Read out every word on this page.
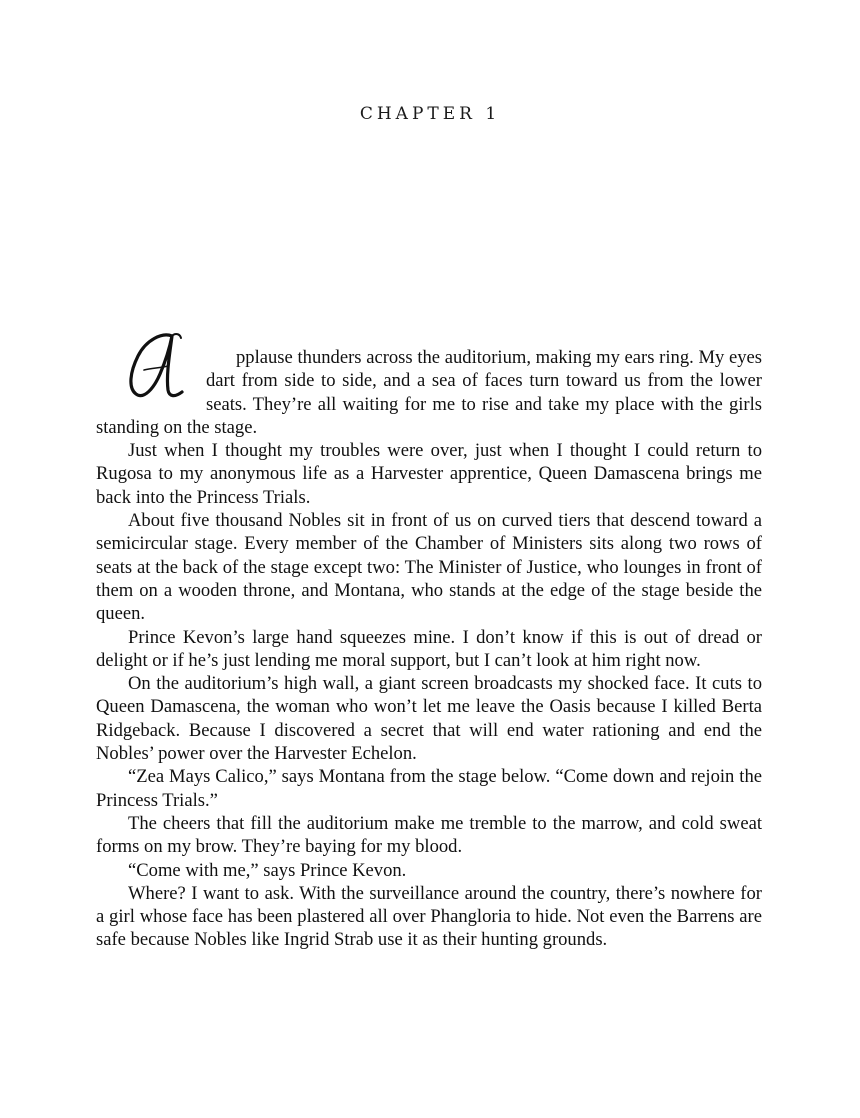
CHAPTER 1

pplause thunders across the auditorium, making my ears ring. My eyes dart from side to side, and a sea of faces turn toward us from the lower seats. They’re all waiting for me to rise and take my place with the girls standing on the stage.

Just when I thought my troubles were over, just when I thought I could return to Rugosa to my anonymous life as a Harvester apprentice, Queen Damascena brings me back into the Princess Trials.

About five thousand Nobles sit in front of us on curved tiers that descend toward a semicircular stage. Every member of the Chamber of Ministers sits along two rows of seats at the back of the stage except two: The Minister of Justice, who lounges in front of them on a wooden throne, and Montana, who stands at the edge of the stage beside the queen.

Prince Kevon’s large hand squeezes mine. I don’t know if this is out of dread or delight or if he’s just lending me moral support, but I can’t look at him right now.

On the auditorium’s high wall, a giant screen broadcasts my shocked face. It cuts to Queen Damascena, the woman who won’t let me leave the Oasis because I killed Berta Ridgeback. Because I discovered a secret that will end water rationing and end the Nobles’ power over the Harvester Echelon.

“Zea Mays Calico,” says Montana from the stage below. “Come down and rejoin the Princess Trials.”

The cheers that fill the auditorium make me tremble to the marrow, and cold sweat forms on my brow. They’re baying for my blood.

“Come with me,” says Prince Kevon.

Where? I want to ask. With the surveillance around the country, there’s nowhere for a girl whose face has been plastered all over Phangloria to hide. Not even the Barrens are safe because Nobles like Ingrid Strab use it as their hunting grounds.
